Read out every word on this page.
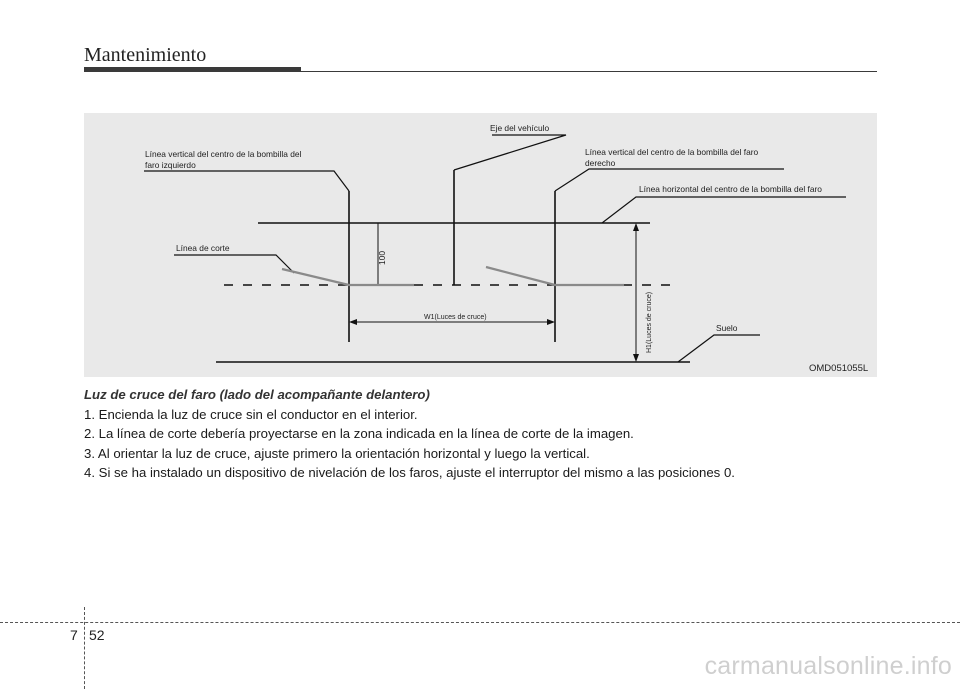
Mantenimiento
Línea vertical del centro de la bombilla del
faro izquierdo
Eje del vehículo
Línea vertical del centro de la bombilla del faro
derecho
Línea horizontal del centro de la bombilla del faro
Línea de corte
100
W1(Luces de cruce)	H1(Luces de cruce)	Suelo
OMD051055L

Luz de cruce del faro (lado del acompañante delantero)

1. Encienda la luz de cruce sin el conductor en el interior.

2. La línea de corte debería proyectarse en la zona indicada en la línea de corte de la imagen.

3. Al orientar la luz de cruce, ajuste primero la orientación horizontal y luego la vertical.

4. Si se ha instalado un dispositivo de nivelación de los faros, ajuste el interruptor del mismo a las posiciones 0.

7 52
carmanualsonline.info
